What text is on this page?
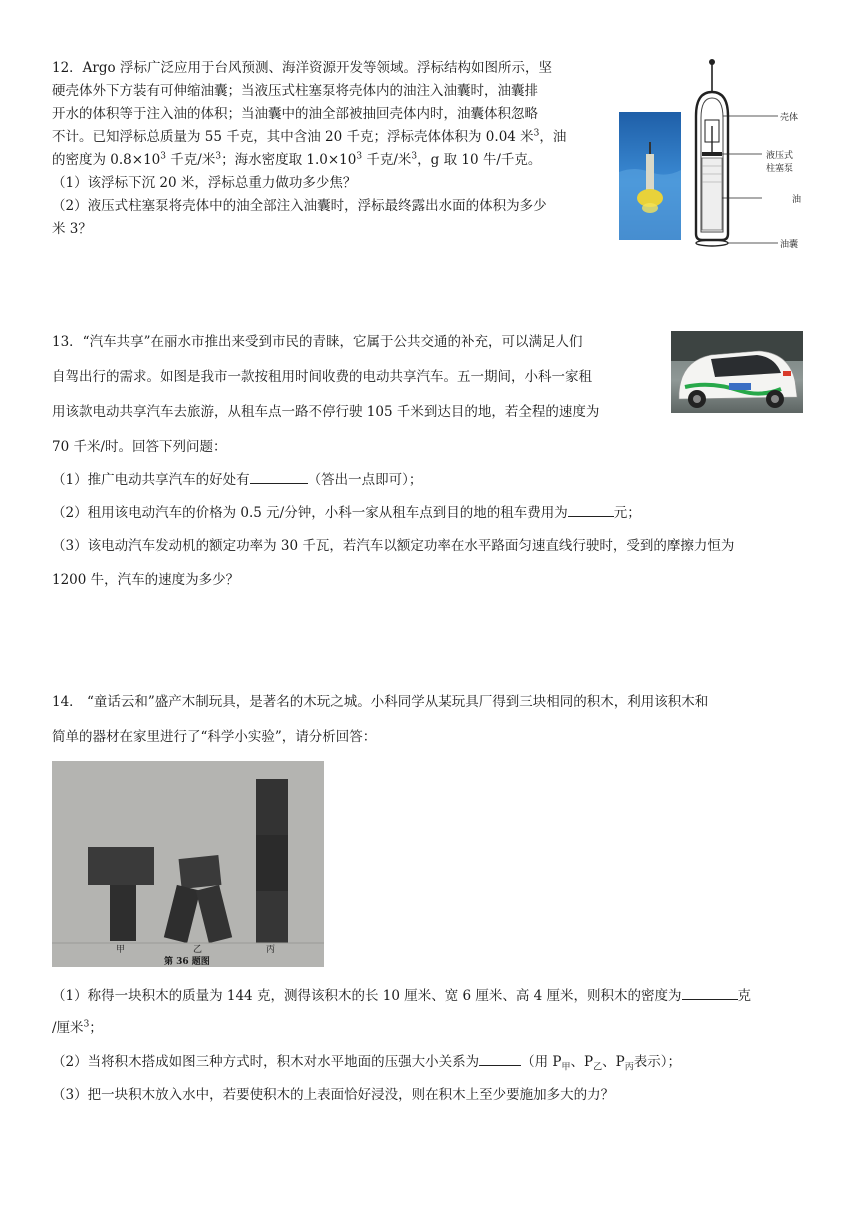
12．Argo 浮标广泛应用于台风预测、海洋资源开发等领域。浮标结构如图所示，坚
硬壳体外下方装有可伸缩油囊；当液压式柱塞泵将壳体内的油注入油囊时，油囊排
开水的体积等于注入油的体积；当油囊中的油全部被抽回壳体内时，油囊体积忽略
不计。已知浮标总质量为 55 千克，其中含油 20 千克；浮标壳体体积为 0.04 米$^3$，油
的密度为 $0.8\times 10^3$ 千克/米$^3$；海水密度取 $1.0\times 10^3$ 千克/米$^3$，g 取 10 牛/千克。
（1）该浮标下沉 20 米，浮标总重力做功多少焦？
（2）液压式柱塞泵将壳体中的油全部注入油囊时，浮标最终露出水面的体积为多少
米 3？
壳体
液压式
柱塞泵
油
油囊
13．“汽车共享”在丽水市推出来受到市民的青睐，它属于公共交通的补充，可以满足人们
自驾出行的需求。如图是我市一款按租用时间收费的电动共享汽车。五一期间，小科一家租
用该款电动共享汽车去旅游，从租车点一路不停行驶 105 千米到达目的地，若全程的速度为
70 千米/时。回答下列问题：
（1）推广电动共享汽车的好处有	（答出一点即可）；
（2）租用该电动汽车的价格为 0.5 元/分钟，小科一家从租车点到目的地的租车费用为	元；
（3）该电动汽车发动机的额定功率为 30 千瓦，若汽车以额定功率在水平路面匀速直线行驶时，受到的摩擦力恒为
1200 牛，汽车的速度为多少？
14． “童话云和”盛产木制玩具，是著名的木玩之城。小科同学从某玩具厂得到三块相同的积木，利用该积木和
简单的器材在家里进行了“科学小实验”，请分析回答：
甲	乙	丙
第 36 题图
（1）称得一块积木的质量为 144 克，测得该积木的长 10 厘米、宽 6 厘米、高 4 厘米，则积木的密度为	克
/厘米$^3$；
（2）当将积木搭成如图三种方式时，积木对水平地面的压强大小关系为	（用 $P_甲$、$P_乙$、$P_丙$表示）；
（3）把一块积木放入水中，若要使积木的上表面恰好浸没，则在积木上至少要施加多大的力？
